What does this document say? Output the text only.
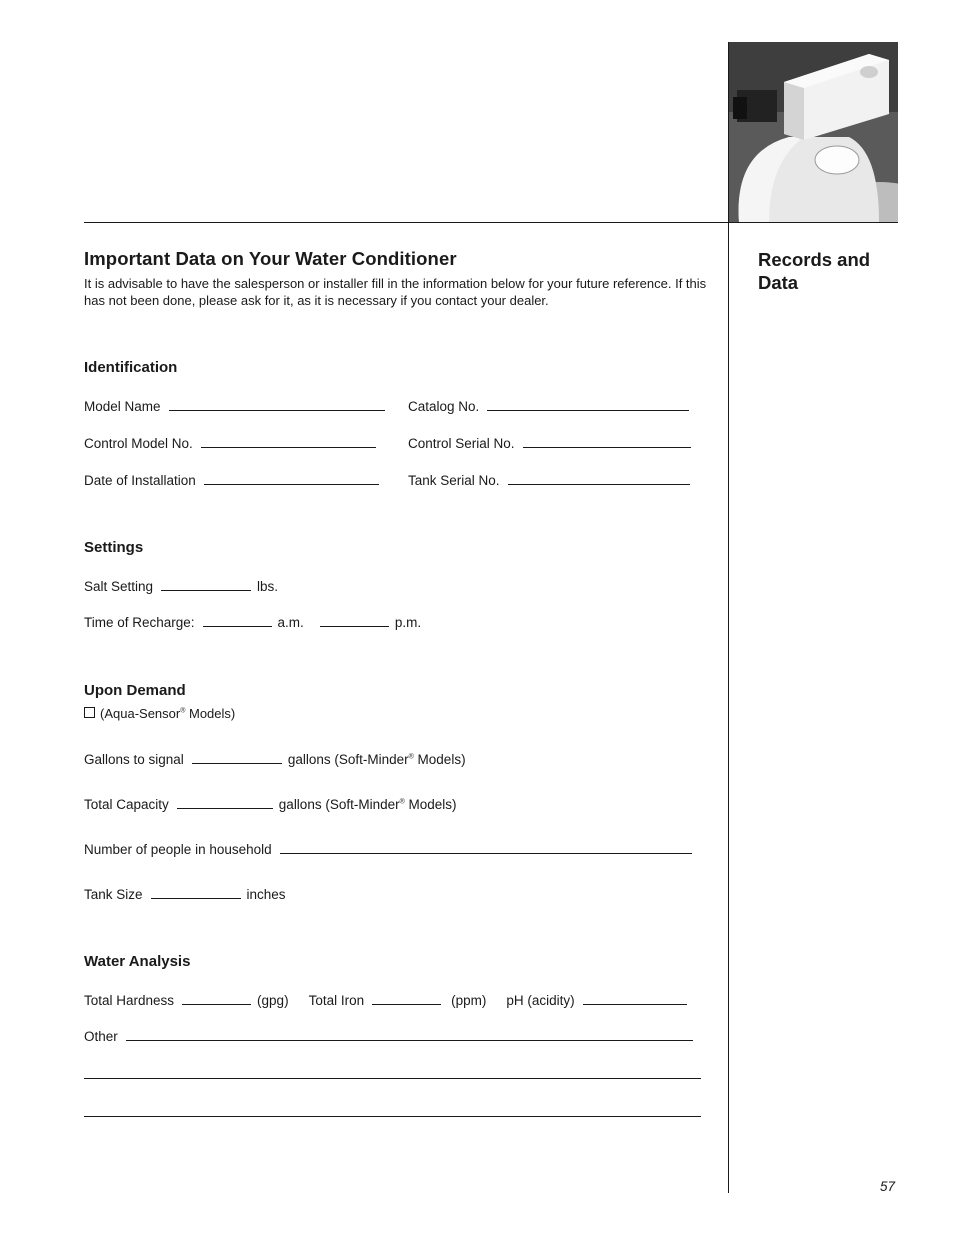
Important Data on Your Water Conditioner	Records and Data
It is advisable to have the salesperson or installer fill in the information below for your future reference. If this has not been done, please ask for it, as it is necessary if you contact your dealer.
Identification
Model Name	Catalog No.
Control Model No.	Control Serial No.
Date of Installation	Tank Serial No.
Settings
Salt Setting	lbs.
Time of Recharge:	a.m.	p.m.
Upon Demand
(Aqua-Sensor® Models)
Gallons to signal	gallons (Soft-Minder® Models)
Total Capacity	gallons (Soft-Minder® Models)
Number of people in household
Tank Size	inches
Water Analysis
Total Hardness	(gpg) Total Iron	(ppm) pH (acidity)
Other
57
